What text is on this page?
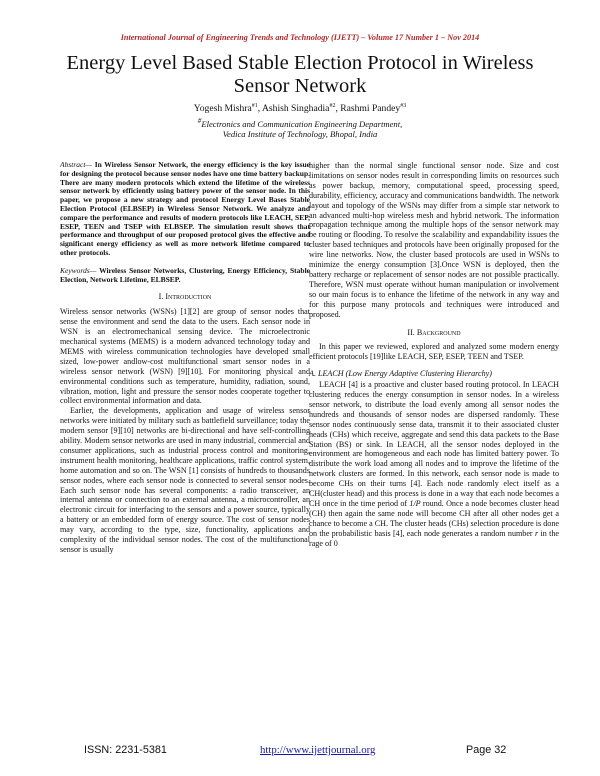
International Journal of Engineering Trends and Technology (IJETT) – Volume 17 Number 1 – Nov 2014
Energy Level Based Stable Election Protocol in Wireless Sensor Network
Yogesh Mishra$^{\#1}$, Ashish Singhadia$^{\#2}$, Rashmi Pandey$^{\#3}$
#Electronics and Communication Engineering Department,
Vedica Institute of Technology, Bhopal, India

Abstract— In Wireless Sensor Network, the energy efficiency is the key issue for designing the protocol because sensor nodes have one time battery backup. There are many modern protocols which extend the lifetime of the wireless sensor network by efficiently using battery power of the sensor node. In this paper, we propose a new strategy and protocol Energy Level Bases Stable Election Protocol (ELBSEP) in Wireless Sensor Network. We analyze and compare the performance and results of modern protocols like LEACH, SEP, ESEP, TEEN and TSEP with ELBSEP. The simulation result shows that performance and throughput of our proposed protocol gives the effective and significant energy efficiency as well as more network lifetime compared to other protocols.

Keywords— Wireless Sensor Networks, Clustering, Energy Efficiency, Stable Election, Network Lifetime, ELBSEP.

I. Introduction

Wireless sensor networks (WSNs) [1][2] are group of sensor nodes that sense the environment and send the data to the users. Each sensor node in WSN is an electromechanical sensing device. The microelectronic mechanical systems (MEMS) is a modern advanced technology today and MEMS with wireless communication technologies have developed small sized, low-power andlow-cost multifunctional smart sensor nodes in a wireless sensor network (WSN) [9][10]. For monitoring physical and environmental conditions such as temperature, humidity, radiation, sound, vibration, motion, light and pressure the sensor nodes cooperate together to collect environmental information and data.

Earlier, the developments, application and usage of wireless sensor networks were initiated by military such as battlefield surveillance; today the modern sensor [9][10] networks are bi-directional and have self-controlling ability. Modern sensor networks are used in many industrial, commercial and consumer applications, such as industrial process control and monitoring, instrument health monitoring, healthcare applications, traffic control system, home automation and so on. The WSN [1] consists of hundreds to thousands sensor nodes, where each sensor node is connected to several sensor nodes. Each such sensor node has several components: a radio transceiver, an internal antenna or connection to an external antenna, a microcontroller, an electronic circuit for interfacing to the sensors and a power source, typically a battery or an embedded form of energy source. The cost of sensor nodes may vary, according to the type, size, functionality, applications and complexity of the individual sensor nodes. The cost of the multifunctional sensor is usually

higher than the normal single functional sensor node. Size and cost limitations on sensor nodes result in corresponding limits on resources such as power backup, memory, computational speed, processing speed, durability, efficiency, accuracy and communications bandwidth. The network layout and topology of the WSNs may differ from a simple star network to an advanced multi-hop wireless mesh and hybrid network. The information propagation technique among the multiple hops of the sensor network may be routing or flooding. To resolve the scalability and expandability issues the cluster based techniques and protocols have been originally proposed for the wire line networks. Now, the cluster based protocols are used in WSNs to minimize the energy consumption [3].Once WSN is deployed, then the battery recharge or replacement of sensor nodes are not possible practically. Therefore, WSN must operate without human manipulation or involvement so our main focus is to enhance the lifetime of the network in any way and for this purpose many protocols and techniques were introduced and proposed.

II. Background

In this paper we reviewed, explored and analyzed some modern energy efficient protocols [19]like LEACH, SEP, ESEP, TEEN and TSEP.

A. LEACH (Low Energy Adaptive Clustering Hierarchy)

LEACH [4] is a proactive and cluster based routing protocol. In LEACH clustering reduces the energy consumption in sensor nodes. In a wireless sensor network, to distribute the load evenly among all sensor nodes the hundreds and thousands of sensor nodes are dispersed randomly. These sensor nodes continuously sense data, transmit it to their associated cluster heads (CHs) which receive, aggregate and send this data packets to the Base Station (BS) or sink. In LEACH, all the sensor nodes deployed in the environment are homogeneous and each node has limited battery power. To distribute the work load among all nodes and to improve the lifetime of the network clusters are formed. In this network, each sensor node is made to become CHs on their turns [4]. Each node randomly elect itself as a CH(cluster head) and this process is done in a way that each node becomes a CH once in the time period of 1/P round. Once a node becomes cluster head (CH) then again the same node will become CH after all other nodes get a chance to become a CH. The cluster heads (CHs) selection procedure is done on the probabilistic basis [4], each node generates a random number r in the rage of 0

ISSN: 2231-5381	http://www.ijettjournal.org	Page 32
